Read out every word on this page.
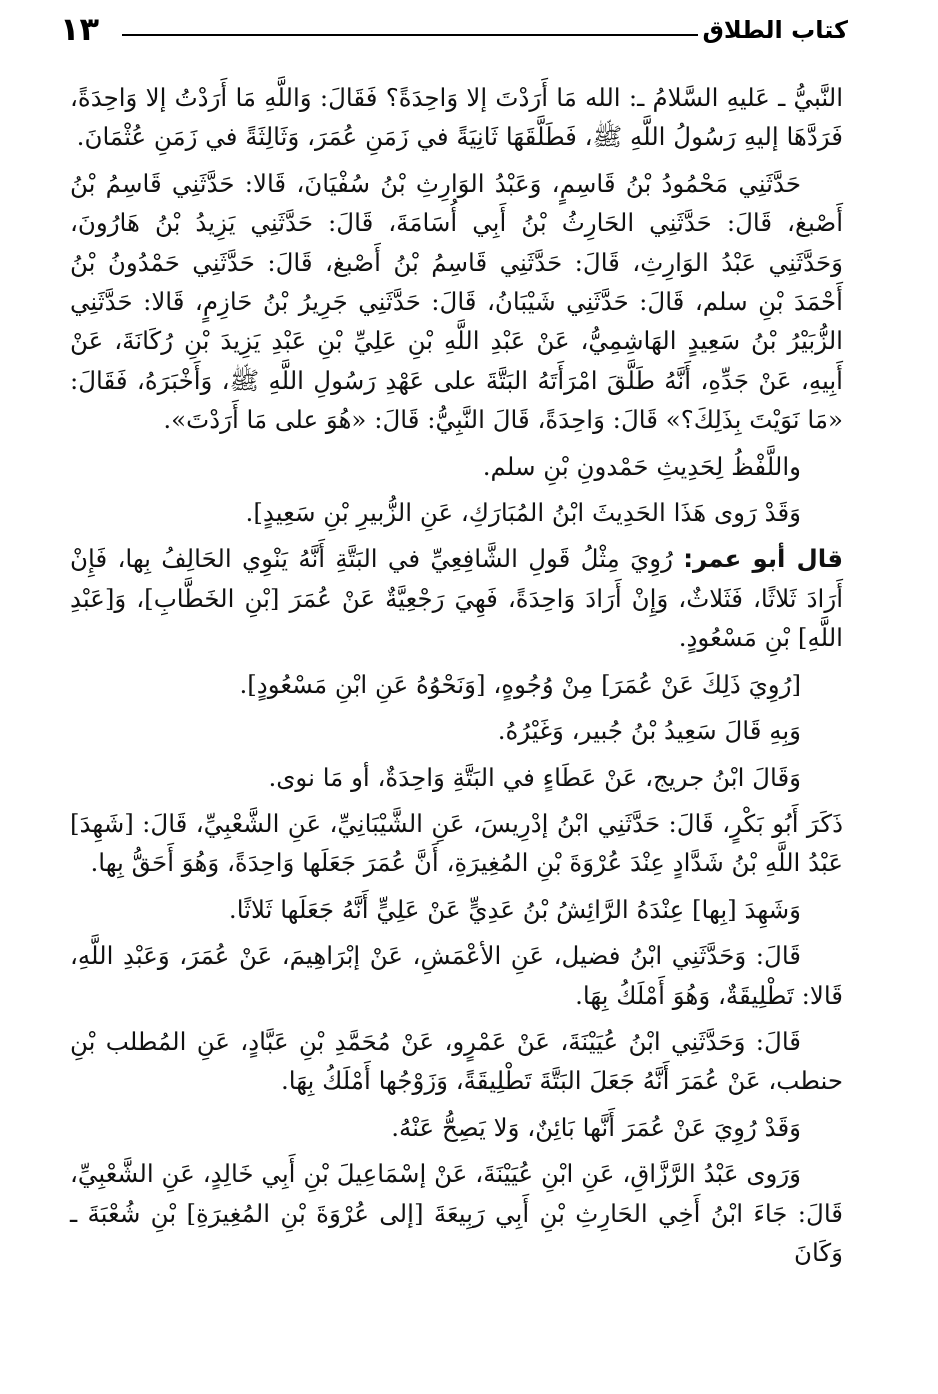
كتاب الطلاق
١٣

النَّبيُّ ـ عَليهِ السَّلامُ ـ: الله مَا أَرَدْتَ إلا وَاحِدَةً؟ فَقَالَ: وَاللَّهِ مَا أَرَدْتُ إلا وَاحِدَةً، فَرَدَّهَا إليهِ رَسُولُ اللَّهِ ﷺ، فَطَلَّقَهَا ثَانِيَةً في زَمَنِ عُمَرَ، وَثَالِثَةً في زَمَنِ عُثْمَانَ.

حَدَّثَنِي مَحْمُودُ بْنُ قَاسِمٍ، وَعَبْدُ الوَارِثِ بْنُ سُفْيَانَ، قَالا: حَدَّثَنِي قَاسِمُ بْنُ أَصْبغ، قَالَ: حَدَّثَنِي الحَارِثُ بْنُ أَبِي أُسَامَةَ، قَالَ: حَدَّثَنِي يَزِيدُ بْنُ هَارُونَ، وَحَدَّثَنِي عَبْدُ الوَارِثِ، قَالَ: حَدَّثَنِي قَاسِمُ بْنُ أَصْبغ، قَالَ: حَدَّثَنِي حَمْدُونُ بْنُ أَحْمَدَ بْنِ سلم، قَالَ: حَدَّثَنِي شَيْبَانُ، قَالَ: حَدَّثَنِي جَرِيرُ بْنُ حَازِمٍ، قَالا: حَدَّثَنِي الزُّبَيْرُ بْنُ سَعِيدٍ الهَاشِمِيُّ، عَنْ عَبْدِ اللَّهِ بْنِ عَلِيِّ بْنِ عَبْدِ يَزِيدَ بْنِ رُكَانَةَ، عَنْ أَبِيهِ، عَنْ جَدِّهِ، أَنَّهُ طَلَّقَ امْرَأَتَهُ البَتَّةَ على عَهْدِ رَسُولِ اللَّهِ ﷺ، وَأَخْبَرَهُ، فَقَالَ: «مَا نَوَيْتَ بِذَلِكَ؟» قَالَ: وَاحِدَةً، قَالَ النَّبِيُّ: قَالَ: «هُوَ على مَا أَرَدْتَ».

واللَّفْظُ لِحَدِيثِ حَمْدونِ بْنِ سلم.

وَقَدْ رَوى هَذَا الحَدِيثَ ابْنُ المُبَارَكِ، عَنِ الزُّبيرِ بْنِ سَعِيدٍ].

قال أبو عمر: رُوِيَ مِثْلُ قَولِ الشَّافِعِيِّ في البَتَّةِ أَنَّهُ يَنْوِي الحَالِفُ بِها، فَإِنْ أَرَادَ ثَلاثًا، فَثَلاثٌ، وَإِنْ أَرَادَ وَاحِدَةً، فَهِيَ رَجْعِيَّةٌ عَنْ عُمَرَ [بْنِ الخَطَّابِ]، وَ[عَبْدِ اللَّهِ] بْنِ مَسْعُودٍ.

[رُوِيَ ذَلِكَ عَنْ عُمَرَ] مِنْ وُجُوهٍ، [وَنَحْوُهُ عَنِ ابْنِ مَسْعُودٍ].

وَبِهِ قَالَ سَعِيدُ بْنُ جُبير، وَغَيْرُهُ.

وَقَالَ ابْنُ جريج، عَنْ عَطَاءٍ في البَتَّةِ وَاحِدَةٌ، أو مَا نوى.

ذَكَرَ أَبُو بَكْرٍ، قَالَ: حَدَّثَنِي ابْنُ إدْرِيسَ، عَنِ الشَّيْبَانِيِّ، عَنِ الشَّعْبِيِّ، قَالَ: [شَهِدَ] عَبْدُ اللَّهِ بْنُ شَدَّادٍ عِنْدَ عُرْوَةَ بْنِ المُغِيرَةِ، أَنَّ عُمَرَ جَعَلَها وَاحِدَةً، وَهُوَ أَحَقُّ بِها.

وَشَهِدَ [بِها] عِنْدَهُ الرَّائِشُ بْنُ عَدِيٍّ عَنْ عَلِيٍّ أَنَّهُ جَعَلَها ثَلاثًا.

قَالَ: وَحَدَّثَنِي ابْنُ فضيل، عَنِ الأعْمَشِ، عَنْ إبْرَاهِيمَ، عَنْ عُمَرَ، وَعَبْدِ اللَّهِ، قَالا: تَطْلِيقَةٌ، وَهُوَ أَمْلَكُ بِهَا.

قَالَ: وَحَدَّثَنِي ابْنُ عُيَيْنَةَ، عَنْ عَمْرٍو، عَنْ مُحَمَّدِ بْنِ عَبَّادٍ، عَنِ المُطلب بْنِ حنطب، عَنْ عُمَرَ أَنَّهُ جَعَلَ البَتَّةَ تَطْلِيقَةً، وَزَوْجُها أَمْلَكُ بِهَا.

وَقَدْ رُوِيَ عَنْ عُمَرَ أَنَّها بَائِنٌ، وَلا يَصِحُّ عَنْهُ.

وَرَوى عَبْدُ الرَّزَّاقِ، عَنِ ابْنِ عُيَيْنَةَ، عَنْ إسْمَاعِيلَ بْنِ أَبِي خَالِدٍ، عَنِ الشَّعْبِيِّ، قَالَ: جَاءَ ابْنُ أَخِي الحَارِثِ بْنِ أَبِي رَبِيعَةَ [إلى عُرْوَةَ بْنِ المُغِيرَةِ] بْنِ شُعْبَةَ ـ وَكَانَ
